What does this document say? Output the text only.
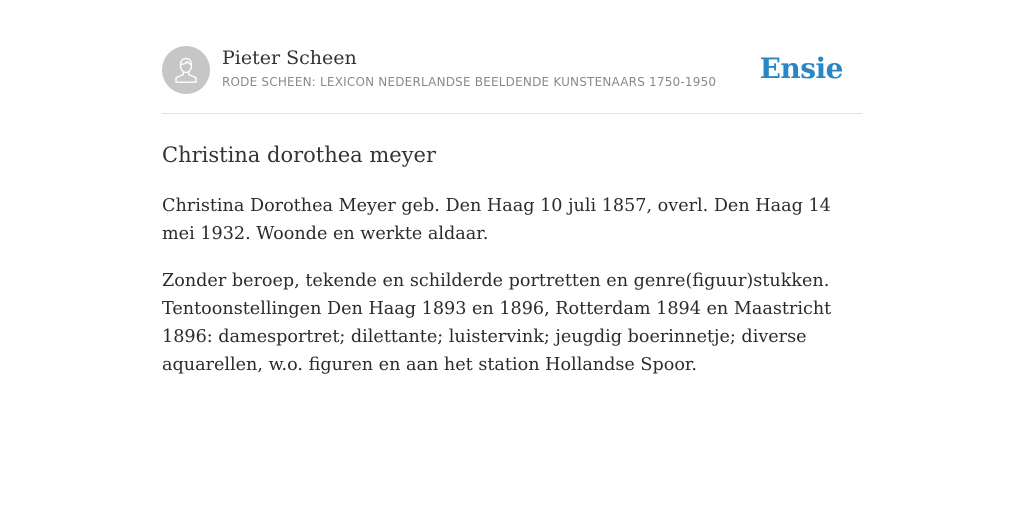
Pieter Scheen
RODE SCHEEN: LEXICON NEDERLANDSE BEELDENDE KUNSTENAARS 1750-1950 Ensie
Christina dorothea meyer

Christina Dorothea Meyer geb. Den Haag 10 juli 1857, overl. Den Haag 14 mei 1932. Woonde en werkte aldaar.

Zonder beroep, tekende en schilderde portretten en genre(figuur)stukken. Tentoonstellingen Den Haag 1893 en 1896, Rotterdam 1894 en Maastricht 1896: damesportret; dilettante; luistervink; jeugdig boerinnetje; diverse aquarellen, w.o. figuren en aan het station Hollandse Spoor.
